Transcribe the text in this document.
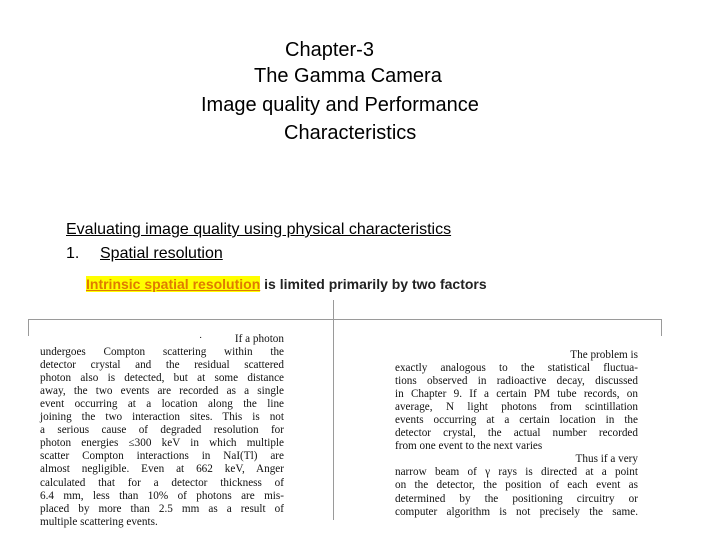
Chapter-3
The Gamma Camera
Image quality and Performance
Characteristics
Evaluating image quality using physical characteristics
1. Spatial resolution
Intrinsic spatial resolution is limited primarily by two factors
·	If a photon
undergoes Compton scattering within the
detector crystal and the residual scattered
photon also is detected, but at some distance
away, the two events are recorded as a single
event occurring at a location along the line
joining the two interaction sites. This is not
a serious cause of degraded resolution for
photon energies ≤300 keV in which multiple
scatter Compton interactions in NaI(Tl) are
almost negligible. Even at 662 keV, Anger
calculated that for a detector thickness of
6.4 mm, less than 10% of photons are mis-
placed by more than 2.5 mm as a result of
multiple scattering events.
The problem is
exactly analogous to the statistical fluctua-
tions observed in radioactive decay, discussed
in Chapter 9. If a certain PM tube records, on
average, N light photons from scintillation
events occurring at a certain location in the
detector crystal, the actual number recorded
from one event to the next varies
Thus if a very
narrow beam of γ rays is directed at a point
on the detector, the position of each event as
determined by the positioning circuitry or
computer algorithm is not precisely the same.
